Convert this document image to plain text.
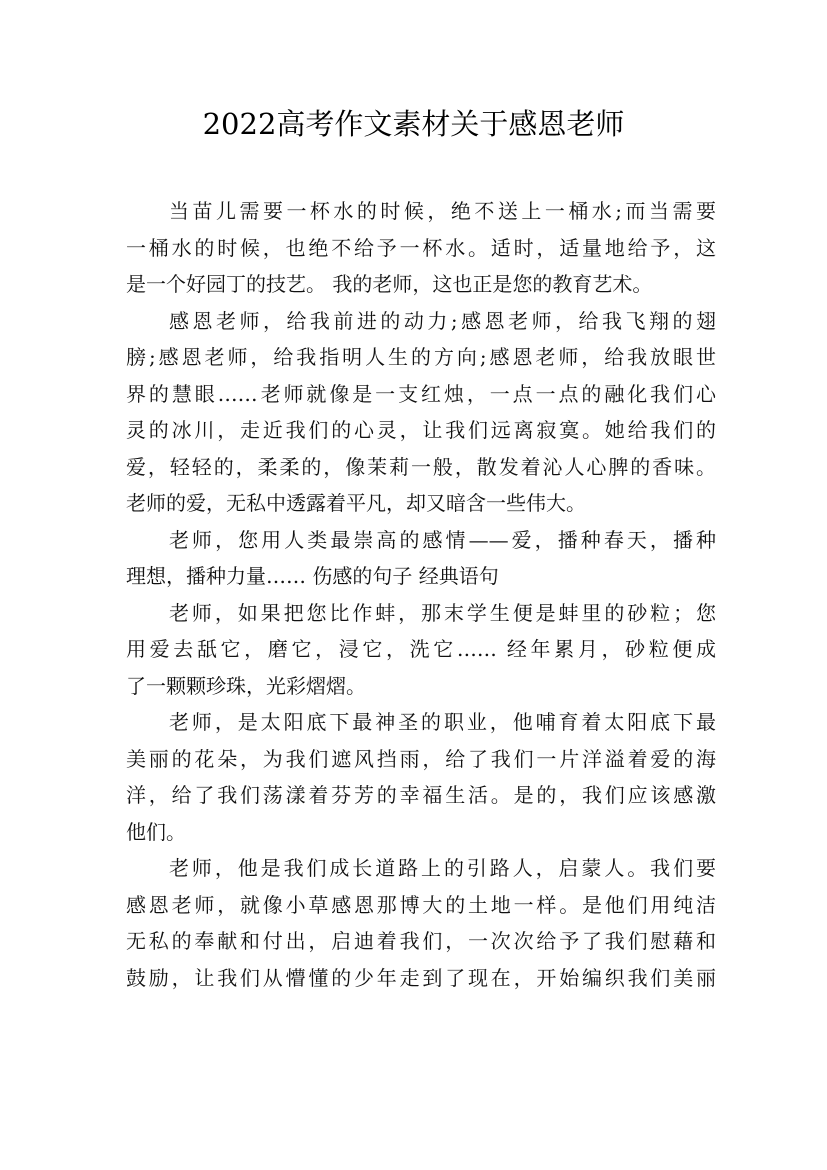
2022高考作文素材关于感恩老师
当苗儿需要一杯水的时候，绝不送上一桶水;而当需要
一桶水的时候，也绝不给予一杯水。适时，适量地给予，这
是一个好园丁的技艺。 我的老师，这也正是您的教育艺术。
感恩老师，给我前进的动力;感恩老师，给我飞翔的翅
膀;感恩老师，给我指明人生的方向;感恩老师，给我放眼世
界的慧眼……老师就像是一支红烛，一点一点的融化我们心
灵的冰川，走近我们的心灵，让我们远离寂寞。她给我们的
爱，轻轻的，柔柔的，像茉莉一般，散发着沁人心脾的香味。
老师的爱，无私中透露着平凡，却又暗含一些伟大。
老师，您用人类最崇高的感情——爱，播种春天，播种
理想，播种力量…… 伤感的句子 经典语句
老师，如果把您比作蚌，那末学生便是蚌里的砂粒；您
用爱去舐它，磨它，浸它，洗它…… 经年累月，砂粒便成
了一颗颗珍珠，光彩熠熠。
老师，是太阳底下最神圣的职业，他哺育着太阳底下最
美丽的花朵，为我们遮风挡雨，给了我们一片洋溢着爱的海
洋，给了我们荡漾着芬芳的幸福生活。是的，我们应该感激
他们。
老师，他是我们成长道路上的引路人，启蒙人。我们要
感恩老师，就像小草感恩那博大的土地一样。是他们用纯洁
无私的奉献和付出，启迪着我们，一次次给予了我们慰藉和
鼓励，让我们从懵懂的少年走到了现在，开始编织我们美丽
